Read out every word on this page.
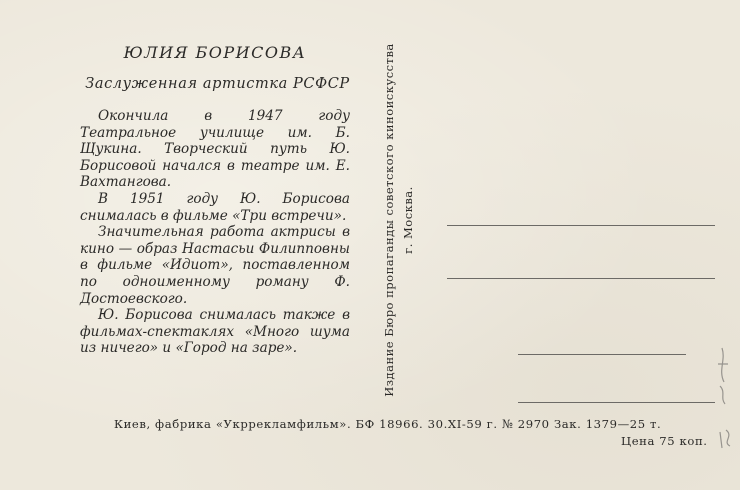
ЮЛИЯ БОРИСОВА
Заслуженная артистка РСФСР

Окончила в 1947 году Театральное училище им. Б. Щукина. Творческий путь Ю. Борисовой начался в театре им. Е. Вахтангова.

В 1951 году Ю. Борисова снималась в фильме «Три встречи».

Значительная работа актрисы в кино — образ Настасьи Филипповны в фильме «Идиот», поставленном по одноименному роману Ф. Достоевского.

Ю. Борисова снималась также в фильмах-спектаклях «Много шума из ничего» и «Город на заре».	Издание Бюро пропаганды советского киноискусства г. Москва.
Киев, фабрика «Укррекламфильм». БФ 18966. 30.XI-59 г. № 2970 Зак. 1379—25 т.
Цена 75 коп.
